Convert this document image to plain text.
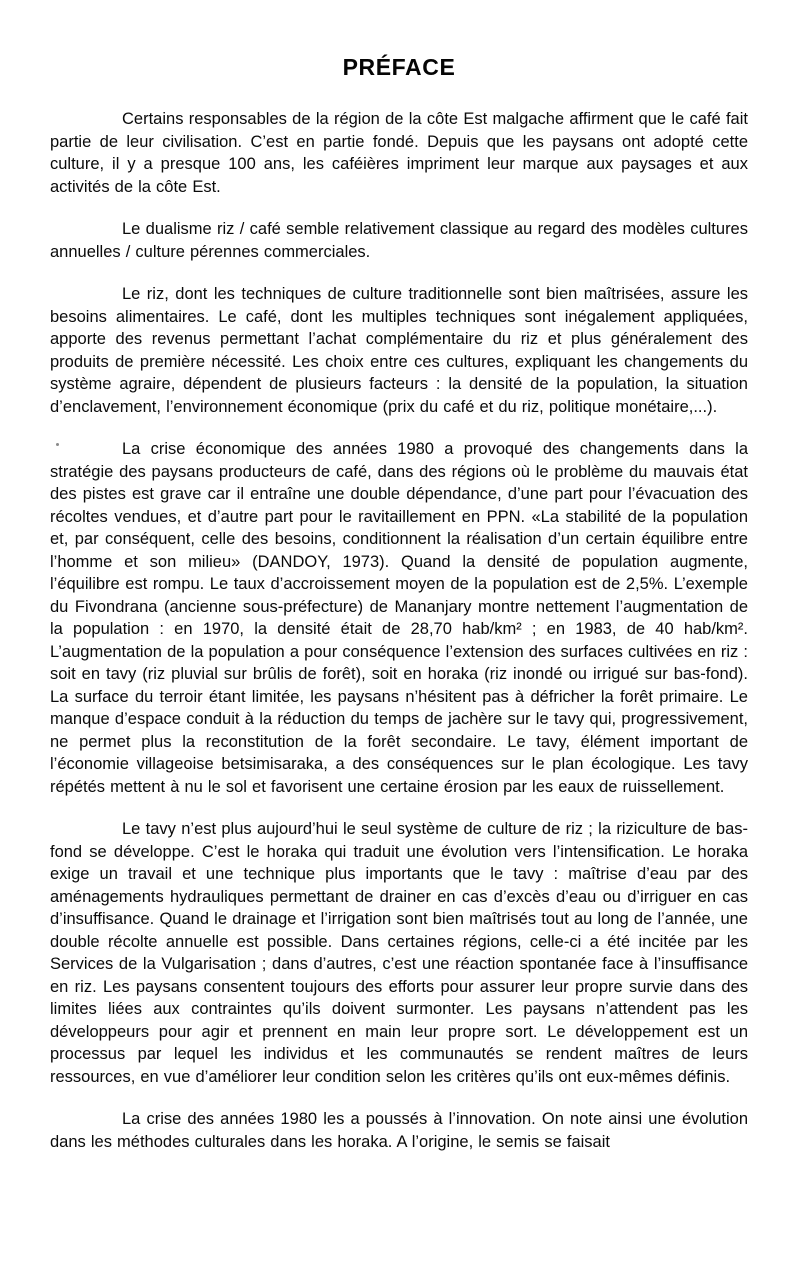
PRÉFACE

Certains responsables de la région de la côte Est malgache affirment que le café fait partie de leur civilisation. C’est en partie fondé. Depuis que les paysans ont adopté cette culture, il y a presque 100 ans, les caféières impriment leur marque aux paysages et aux activités de la côte Est.

Le dualisme riz / café semble relativement classique au regard des modèles cultures annuelles / culture pérennes commerciales.

Le riz, dont les techniques de culture traditionnelle sont bien maîtrisées, assure les besoins alimentaires. Le café, dont les multiples techniques sont inégalement appliquées, apporte des revenus permettant l’achat complémentaire du riz et plus généralement des produits de première nécessité. Les choix entre ces cultures, expliquant les changements du système agraire, dépendent de plusieurs facteurs : la densité de la population, la situation d’enclavement, l’environnement économique (prix du café et du riz, politique monétaire,...).

La crise économique des années 1980 a provoqué des changements dans la stratégie des paysans producteurs de café, dans des régions où le problème du mauvais état des pistes est grave car il entraîne une double dépendance, d’une part pour l’évacuation des récoltes vendues, et d’autre part pour le ravitaillement en PPN. «La stabilité de la population et, par conséquent, celle des besoins, conditionnent la réalisation d’un certain équilibre entre l’homme et son milieu» (DANDOY, 1973). Quand la densité de population augmente, l’équilibre est rompu. Le taux d’accroissement moyen de la population est de 2,5%. L’exemple du Fivondrana (ancienne sous-préfecture) de Mananjary montre nettement l’augmentation de la population : en 1970, la densité était de 28,70 hab/km² ; en 1983, de 40 hab/km². L’augmentation de la population a pour conséquence l’extension des surfaces cultivées en riz : soit en tavy (riz pluvial sur brûlis de forêt), soit en horaka (riz inondé ou irrigué sur bas-fond). La surface du terroir étant limitée, les paysans n’hésitent pas à défricher la forêt primaire. Le manque d’espace conduit à la réduction du temps de jachère sur le tavy qui, progressivement, ne permet plus la reconstitution de la forêt secondaire. Le tavy, élément important de l’économie villageoise betsimisaraka, a des conséquences sur le plan écologique. Les tavy répétés mettent à nu le sol et favorisent une certaine érosion par les eaux de ruissellement.

Le tavy n’est plus aujourd’hui le seul système de culture de riz ; la riziculture de bas-fond se développe. C’est le horaka qui traduit une évolution vers l’intensification. Le horaka exige un travail et une technique plus importants que le tavy : maîtrise d’eau par des aménagements hydrauliques permettant de drainer en cas d’excès d’eau ou d’irriguer en cas d’insuffisance. Quand le drainage et l’irrigation sont bien maîtrisés tout au long de l’année, une double récolte annuelle est possible. Dans certaines régions, celle-ci a été incitée par les Services de la Vulgarisation ; dans d’autres, c’est une réaction spontanée face à l’insuffisance en riz. Les paysans consentent toujours des efforts pour assurer leur propre survie dans des limites liées aux contraintes qu’ils doivent surmonter. Les paysans n’attendent pas les développeurs pour agir et prennent en main leur propre sort. Le développement est un processus par lequel les individus et les communautés se rendent maîtres de leurs ressources, en vue d’améliorer leur condition selon les critères qu’ils ont eux-mêmes définis.

La crise des années 1980 les a poussés à l’innovation. On note ainsi une évolution dans les méthodes culturales dans les horaka. A l’origine, le semis se faisait
